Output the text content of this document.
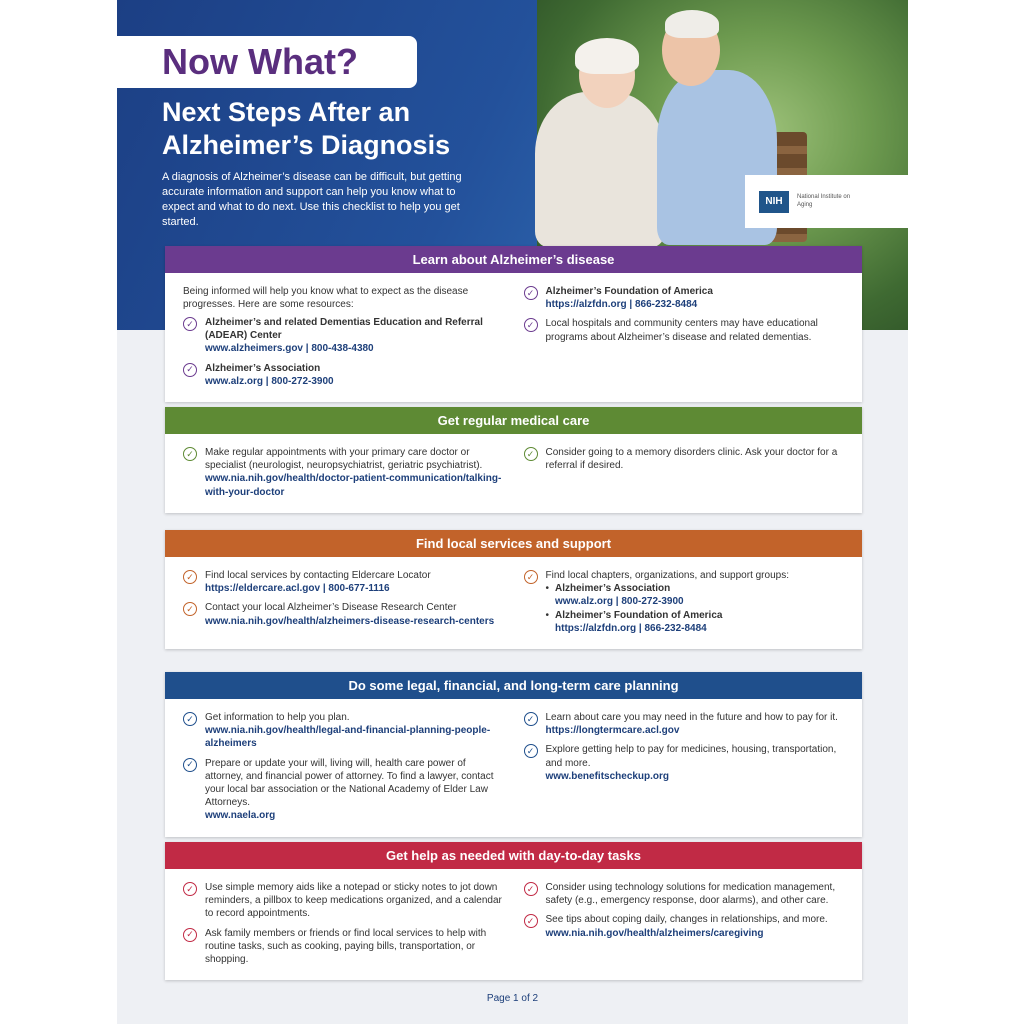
NIH	National Institute on Aging
Now What?
Next Steps After an Alzheimer’s Diagnosis
A diagnosis of Alzheimer’s disease can be difficult, but getting accurate information and support can help you know what to expect and what to do next. Use this checklist to help you get started.
Learn about Alzheimer’s disease
Being informed will help you know what to expect as the disease progresses. Here are some resources:
✓	Alzheimer’s and related Dementias Education and Referral (ADEAR) Center
www.alzheimers.gov | 800-438-4380
✓	Alzheimer’s Association
www.alz.org | 800-272-3900
✓	Alzheimer’s Foundation of America
https://alzfdn.org | 866-232-8484
✓	Local hospitals and community centers may have educational programs about Alzheimer’s disease and related dementias.
Get regular medical care
✓	Make regular appointments with your primary care doctor or specialist (neurologist, neuropsychiatrist, geriatric psychiatrist).
www.nia.nih.gov/health/doctor-patient-communication/talking-with-your-doctor
✓	Consider going to a memory disorders clinic. Ask your doctor for a referral if desired.
Find local services and support
✓	Find local services by contacting Eldercare Locator
https://eldercare.acl.gov | 800-677-1116
✓	Contact your local Alzheimer’s Disease Research Center
www.nia.nih.gov/health/alzheimers-disease-research-centers
✓	Find local chapters, organizations, and support groups:
• Alzheimer’s Association
www.alz.org | 800-272-3900
• Alzheimer’s Foundation of America
https://alzfdn.org | 866-232-8484
Do some legal, financial, and long-term care planning
✓	Get information to help you plan.
www.nia.nih.gov/health/legal-and-financial-planning-people-alzheimers
✓	Prepare or update your will, living will, health care power of attorney, and financial power of attorney. To find a lawyer, contact your local bar association or the National Academy of Elder Law Attorneys.
www.naela.org
✓	Learn about care you may need in the future and how to pay for it.
https://longtermcare.acl.gov
✓	Explore getting help to pay for medicines, housing, transportation, and more.
www.benefitscheckup.org
Get help as needed with day-to-day tasks
✓	Use simple memory aids like a notepad or sticky notes to jot down reminders, a pillbox to keep medications organized, and a calendar to record appointments.
✓	Ask family members or friends or find local services to help with routine tasks, such as cooking, paying bills, transportation, or shopping.
✓	Consider using technology solutions for medication management, safety (e.g., emergency response, door alarms), and other care.
✓	See tips about coping daily, changes in relationships, and more.
www.nia.nih.gov/health/alzheimers/caregiving
Page 1 of 2
